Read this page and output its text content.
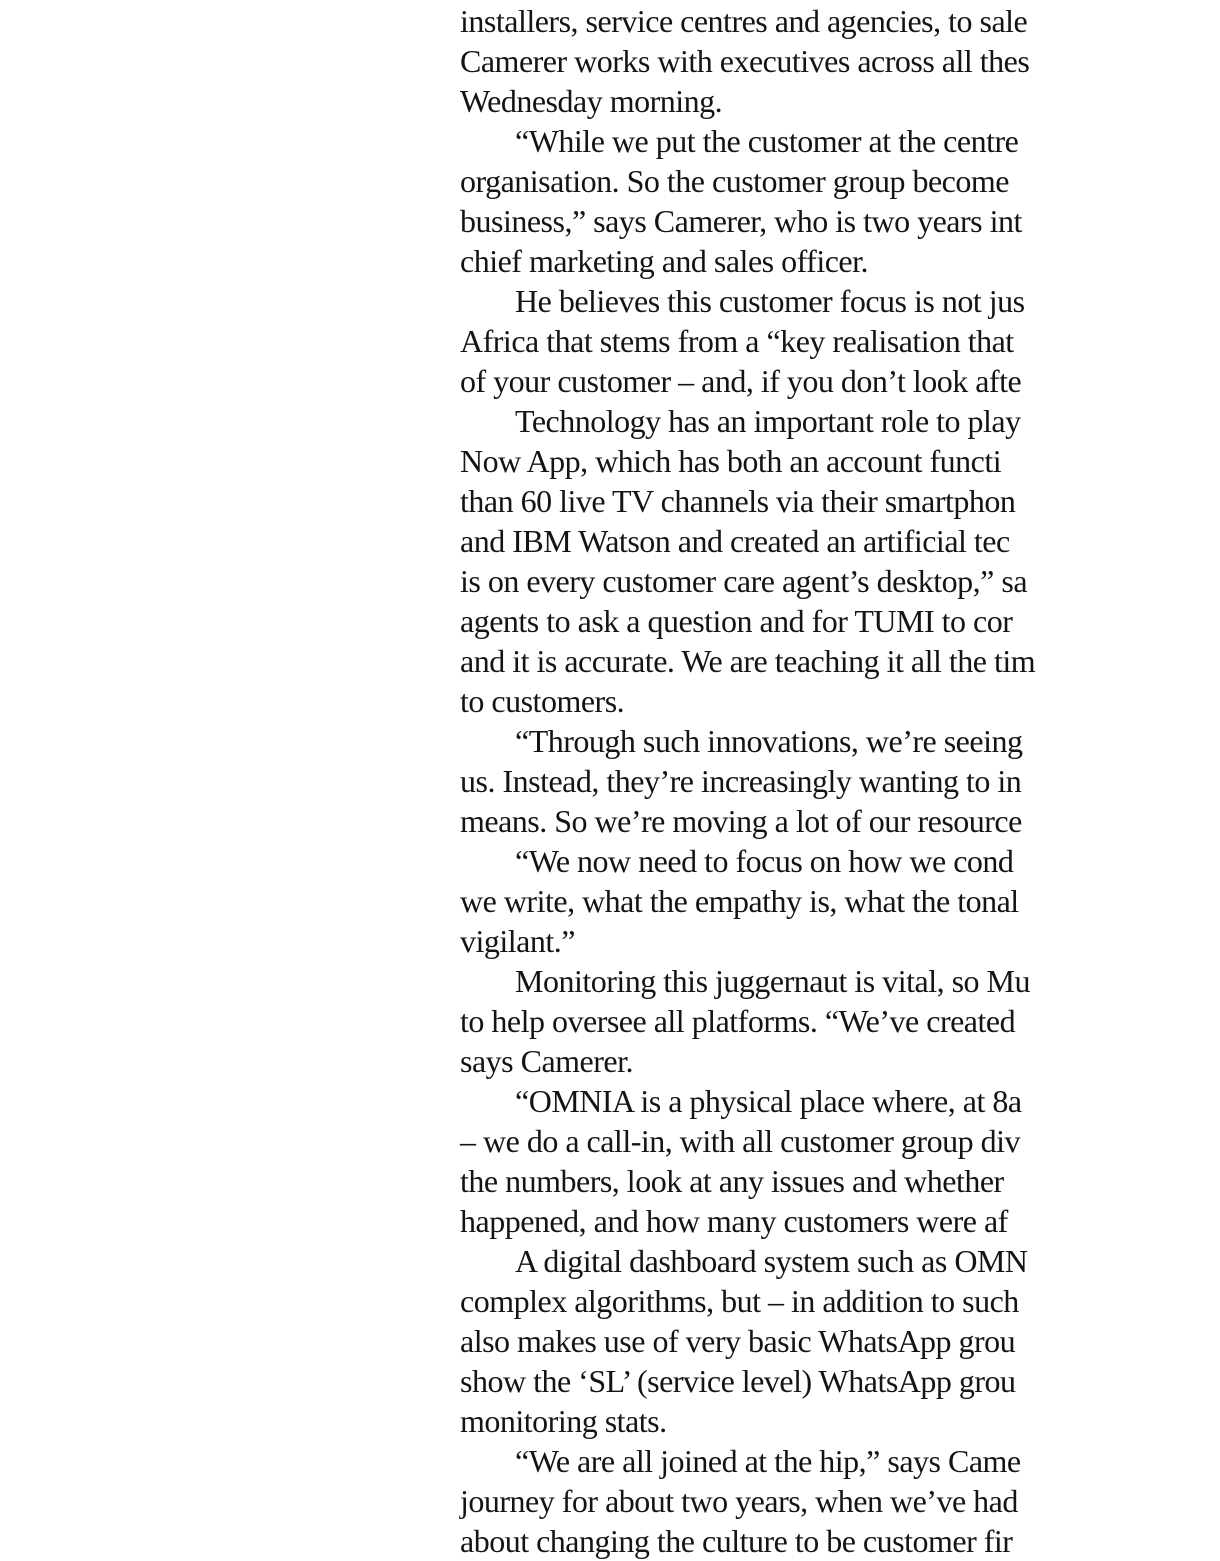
installers, service centres and agencies, to sale
Camerer works with executives across all thes
Wednesday morning.
“While we put the customer at the centre
organisation. So the customer group become
business,” says Camerer, who is two years int
chief marketing and sales officer.
He believes this customer focus is not jus
Africa that stems from a “key realisation that
of your customer – and, if you don’t look afte
Technology has an important role to play
Now App, which has both an account functi
than 60 live TV channels via their smartphon
and IBM Watson and created an artificial tec
is on every customer care agent’s desktop,” sa
agents to ask a question and for TUMI to cor
and it is accurate. We are teaching it all the tim
to customers.
“Through such innovations, we’re seeing
us. Instead, they’re increasingly wanting to in
means. So we’re moving a lot of our resource
“We now need to focus on how we cond
we write, what the empathy is, what the tonal
vigilant.”
Monitoring this juggernaut is vital, so Mu
to help oversee all platforms. “We’ve created
says Camerer.
“OMNIA is a physical place where, at 8a
– we do a call-in, with all customer group div
the numbers, look at any issues and whether
happened, and how many customers were af
A digital dashboard system such as OMN
complex algorithms, but – in addition to such
also makes use of very basic WhatsApp grou
show the ‘SL’ (service level) WhatsApp grou
monitoring stats.
“We are all joined at the hip,” says Came
journey for about two years, when we’ve had
about changing the culture to be customer fir
